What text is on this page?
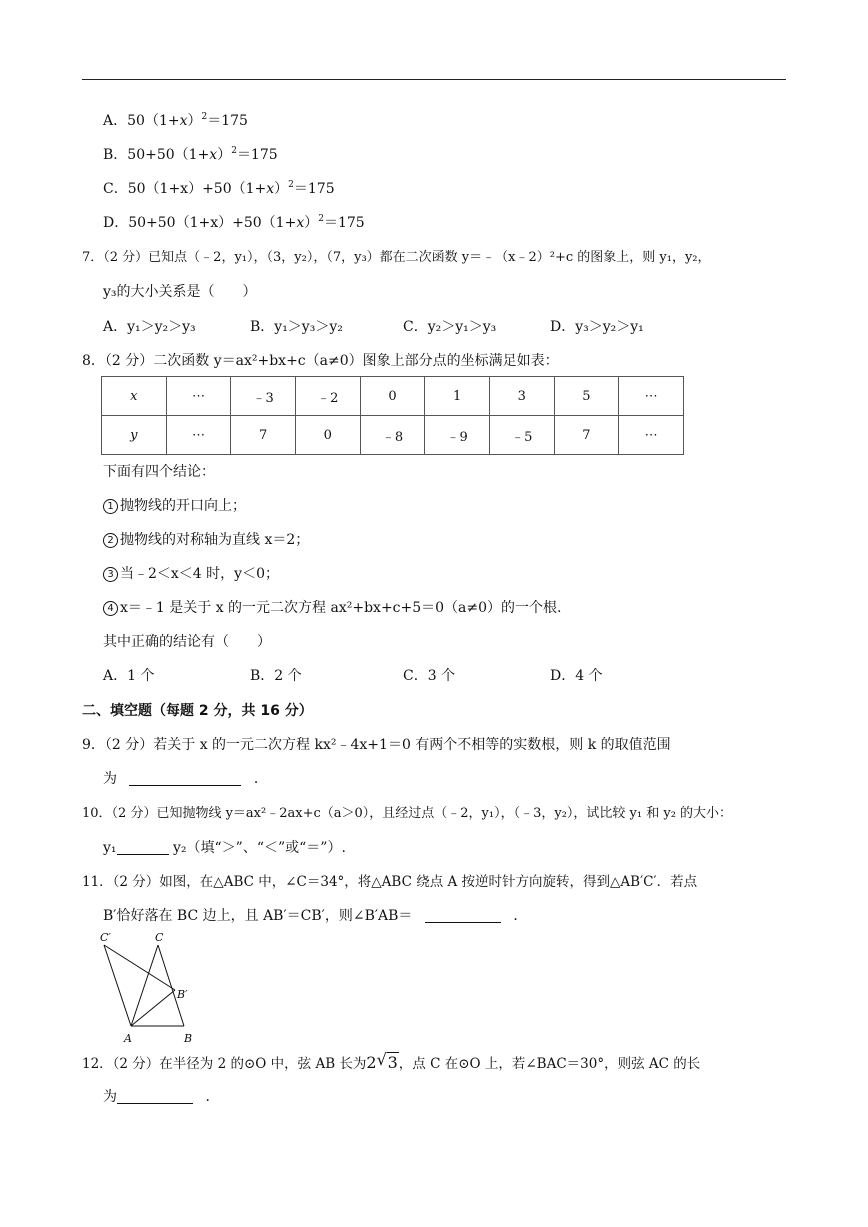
A．$50(1+x)^2=175$
B．$50+50(1+x)^2=175$
C．$50(1+x)+50(1+x)^2=175$
D．$50+50(1+x)+50(1+x)^2=175$
7．（2 分）已知点（﹣2，y₁），（3，y₂），（7，y₃）都在二次函数 y＝﹣（x﹣2）²+c 的图象上，则 y₁，y₂，
y₃的大小关系是（　　）
A．y₁＞y₂＞y₃	B．y₁＞y₃＞y₂	C．y₂＞y₁＞y₃	D．y₃＞y₂＞y₁
8．（2 分）二次函数 y＝ax²+bx+c（a≠0）图象上部分点的坐标满足如表：
x	⋯	﹣3	﹣2	0	1	3	5	⋯
y	⋯	7	0	﹣8	﹣9	﹣5	7	⋯
下面有四个结论：
1 抛物线的开口向上；
2 抛物线的对称轴为直线 x＝2；
3 当﹣2＜x＜4 时，y＜0；
4 x＝﹣1 是关于 x 的一元二次方程 ax²+bx+c+5＝0（a≠0）的一个根.
其中正确的结论有（　　）
A．1 个	B．2 个	C．3 个	D．4 个
二、填空题（每题 2 分，共 16 分）
9．（2 分）若关于 x 的一元二次方程 kx²﹣4x+1＝0 有两个不相等的实数根，则 k 的取值范围
为	．
10．（2 分）已知抛物线 y＝ax²﹣2ax+c（a＞0），且经过点（﹣2，y₁），（﹣3，y₂），试比较 y₁ 和 y₂ 的大小：
y₁	y₂（填“＞”、“＜”或“＝”）.
11．（2 分）如图，在△ABC 中，∠C＝34°，将△ABC 绕点 A 按逆时针方向旋转，得到△AB′C′．若点
B′恰好落在 BC 边上，且 AB′＝CB′，则∠B′AB＝	．
C′	C
B′
A	B
12．（2 分）在半径为 2 的⊙O 中，弦 AB 长为2 √ 3，点 C 在⊙O 上，若∠BAC＝30°，则弦 AC 的长
为	．
